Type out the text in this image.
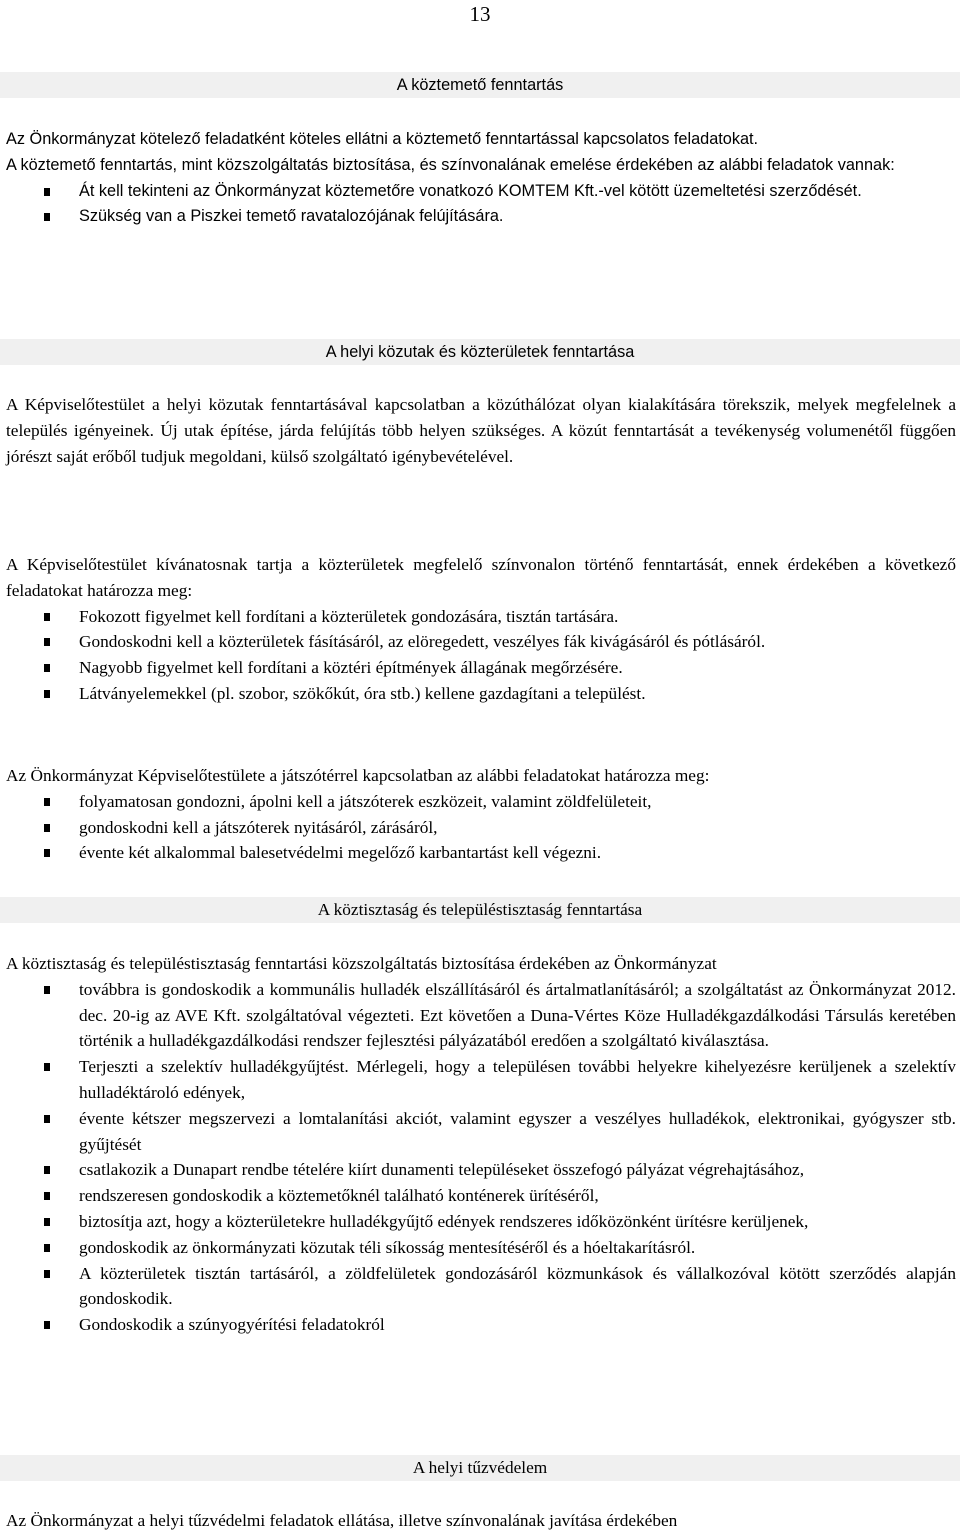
13
A köztemető fenntartás

Az Önkormányzat kötelező feladatként köteles ellátni a köztemető fenntartással kapcsolatos feladatokat.

A köztemető fenntartás, mint közszolgáltatás biztosítása, és színvonalának emelése érdekében az alábbi feladatok vannak:

Át kell tekinteni az Önkormányzat köztemetőre vonatkozó KOMTEM Kft.-vel kötött üzemeltetési szerződését.
Szükség van a Piszkei temető ravatalozójának felújítására.
A helyi közutak és közterületek fenntartása
A Képviselőtestület a helyi közutak fenntartásával kapcsolatban a közúthálózat olyan kialakítására törekszik, melyek megfelelnek a település igényeinek. Új utak építése, járda felújítás több helyen szükséges. A közút fenntartását a tevékenység volumenétől függően jórészt saját erőből tudjuk megoldani, külső szolgáltató igénybevételével.

A Képviselőtestület kívánatosnak tartja a közterületek megfelelő színvonalon történő fenntartását, ennek érdekében a következő feladatokat határozza meg:

Fokozott figyelmet kell fordítani a közterületek gondozására, tisztán tartására.
Gondoskodni kell a közterületek fásításáról, az elöregedett, veszélyes fák kivágásáról és pótlásáról.
Nagyobb figyelmet kell fordítani a köztéri építmények állagának megőrzésére.
Látványelemekkel (pl. szobor, szökőkút, óra stb.) kellene gazdagítani a települést.

Az Önkormányzat Képviselőtestülete a játszótérrel kapcsolatban az alábbi feladatokat határozza meg:

folyamatosan gondozni, ápolni kell a játszóterek eszközeit, valamint zöldfelületeit,
gondoskodni kell a játszóterek nyitásáról, zárásáról,
évente két alkalommal balesetvédelmi megelőző karbantartást kell végezni.
A köztisztaság és településtisztaság fenntartása

A köztisztaság és településtisztaság fenntartási közszolgáltatás biztosítása érdekében az Önkormányzat

továbbra is gondoskodik a kommunális hulladék elszállításáról és ártalmatlanításáról; a szolgáltatást az Önkormányzat 2012. dec. 20-ig az AVE Kft. szolgáltatóval végezteti. Ezt követően a Duna-Vértes Köze Hulladékgazdálkodási Társulás keretében történik a hulladékgazdálkodási rendszer fejlesztési pályázatából eredően a szolgáltató kiválasztása.
Terjeszti a szelektív hulladékgyűjtést. Mérlegeli, hogy a településen további helyekre kihelyezésre kerüljenek a szelektív hulladéktároló edények,
évente kétszer megszervezi a lomtalanítási akciót, valamint egyszer a veszélyes hulladékok, elektronikai, gyógyszer stb. gyűjtését
csatlakozik a Dunapart rendbe tételére kiírt dunamenti településeket összefogó pályázat végrehajtásához,
rendszeresen gondoskodik a köztemetőknél található konténerek ürítéséről,
biztosítja azt, hogy a közterületekre hulladékgyűjtő edények rendszeres időközönként ürítésre kerüljenek,
gondoskodik az önkormányzati közutak téli síkosság mentesítéséről és a hóeltakarításról.
A közterületek tisztán tartásáról, a zöldfelületek gondozásáról közmunkások és vállalkozóval kötött szerződés alapján gondoskodik.
Gondoskodik a szúnyogyérítési feladatokról
A helyi tűzvédelem
Az Önkormányzat a helyi tűzvédelmi feladatok ellátása, illetve színvonalának javítása érdekében
